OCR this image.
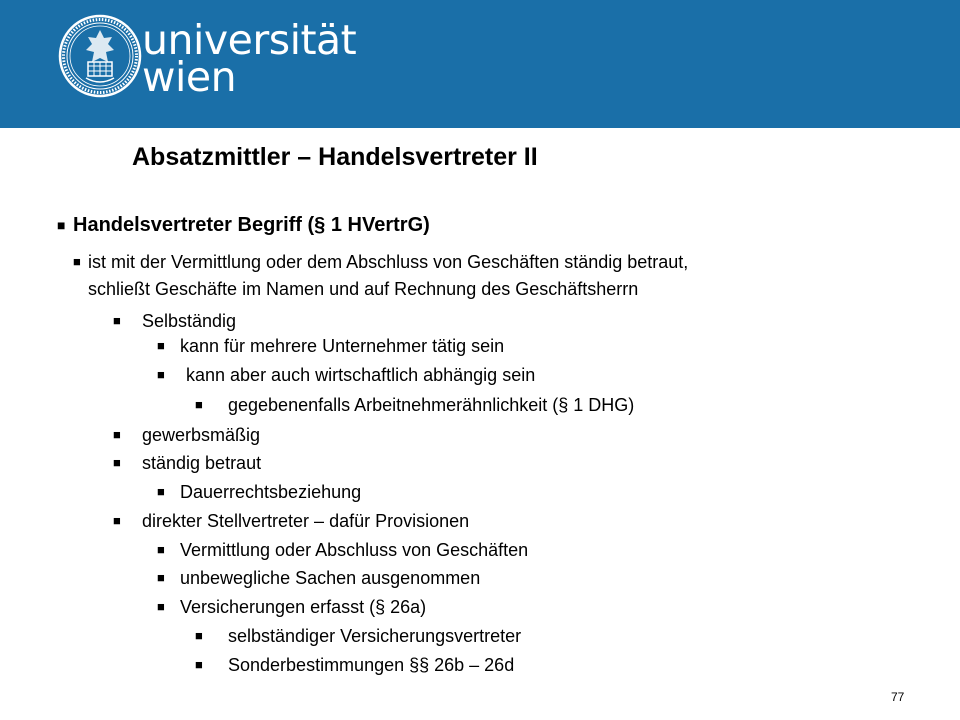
universität
wien
Absatzmittler – Handelsvertreter II
■ Handelsvertreter Begriff (§ 1 HVertrG)
■ ist mit der Vermittlung oder dem Abschluss von Geschäften ständig betraut,
schließt Geschäfte im Namen und auf Rechnung des Geschäftsherrn
■ Selbständig
■ kann für mehrere Unternehmer tätig sein
■ kann aber auch wirtschaftlich abhängig sein
■ gegebenenfalls Arbeitnehmerähnlichkeit (§ 1 DHG)
■ gewerbsmäßig
■ ständig betraut
■ Dauerrechtsbeziehung
■ direkter Stellvertreter – dafür Provisionen
■ Vermittlung oder Abschluss von Geschäften
■ unbewegliche Sachen ausgenommen
■ Versicherungen erfasst (§ 26a)
■ selbständiger Versicherungsvertreter
■ Sonderbestimmungen §§ 26b – 26d
77
